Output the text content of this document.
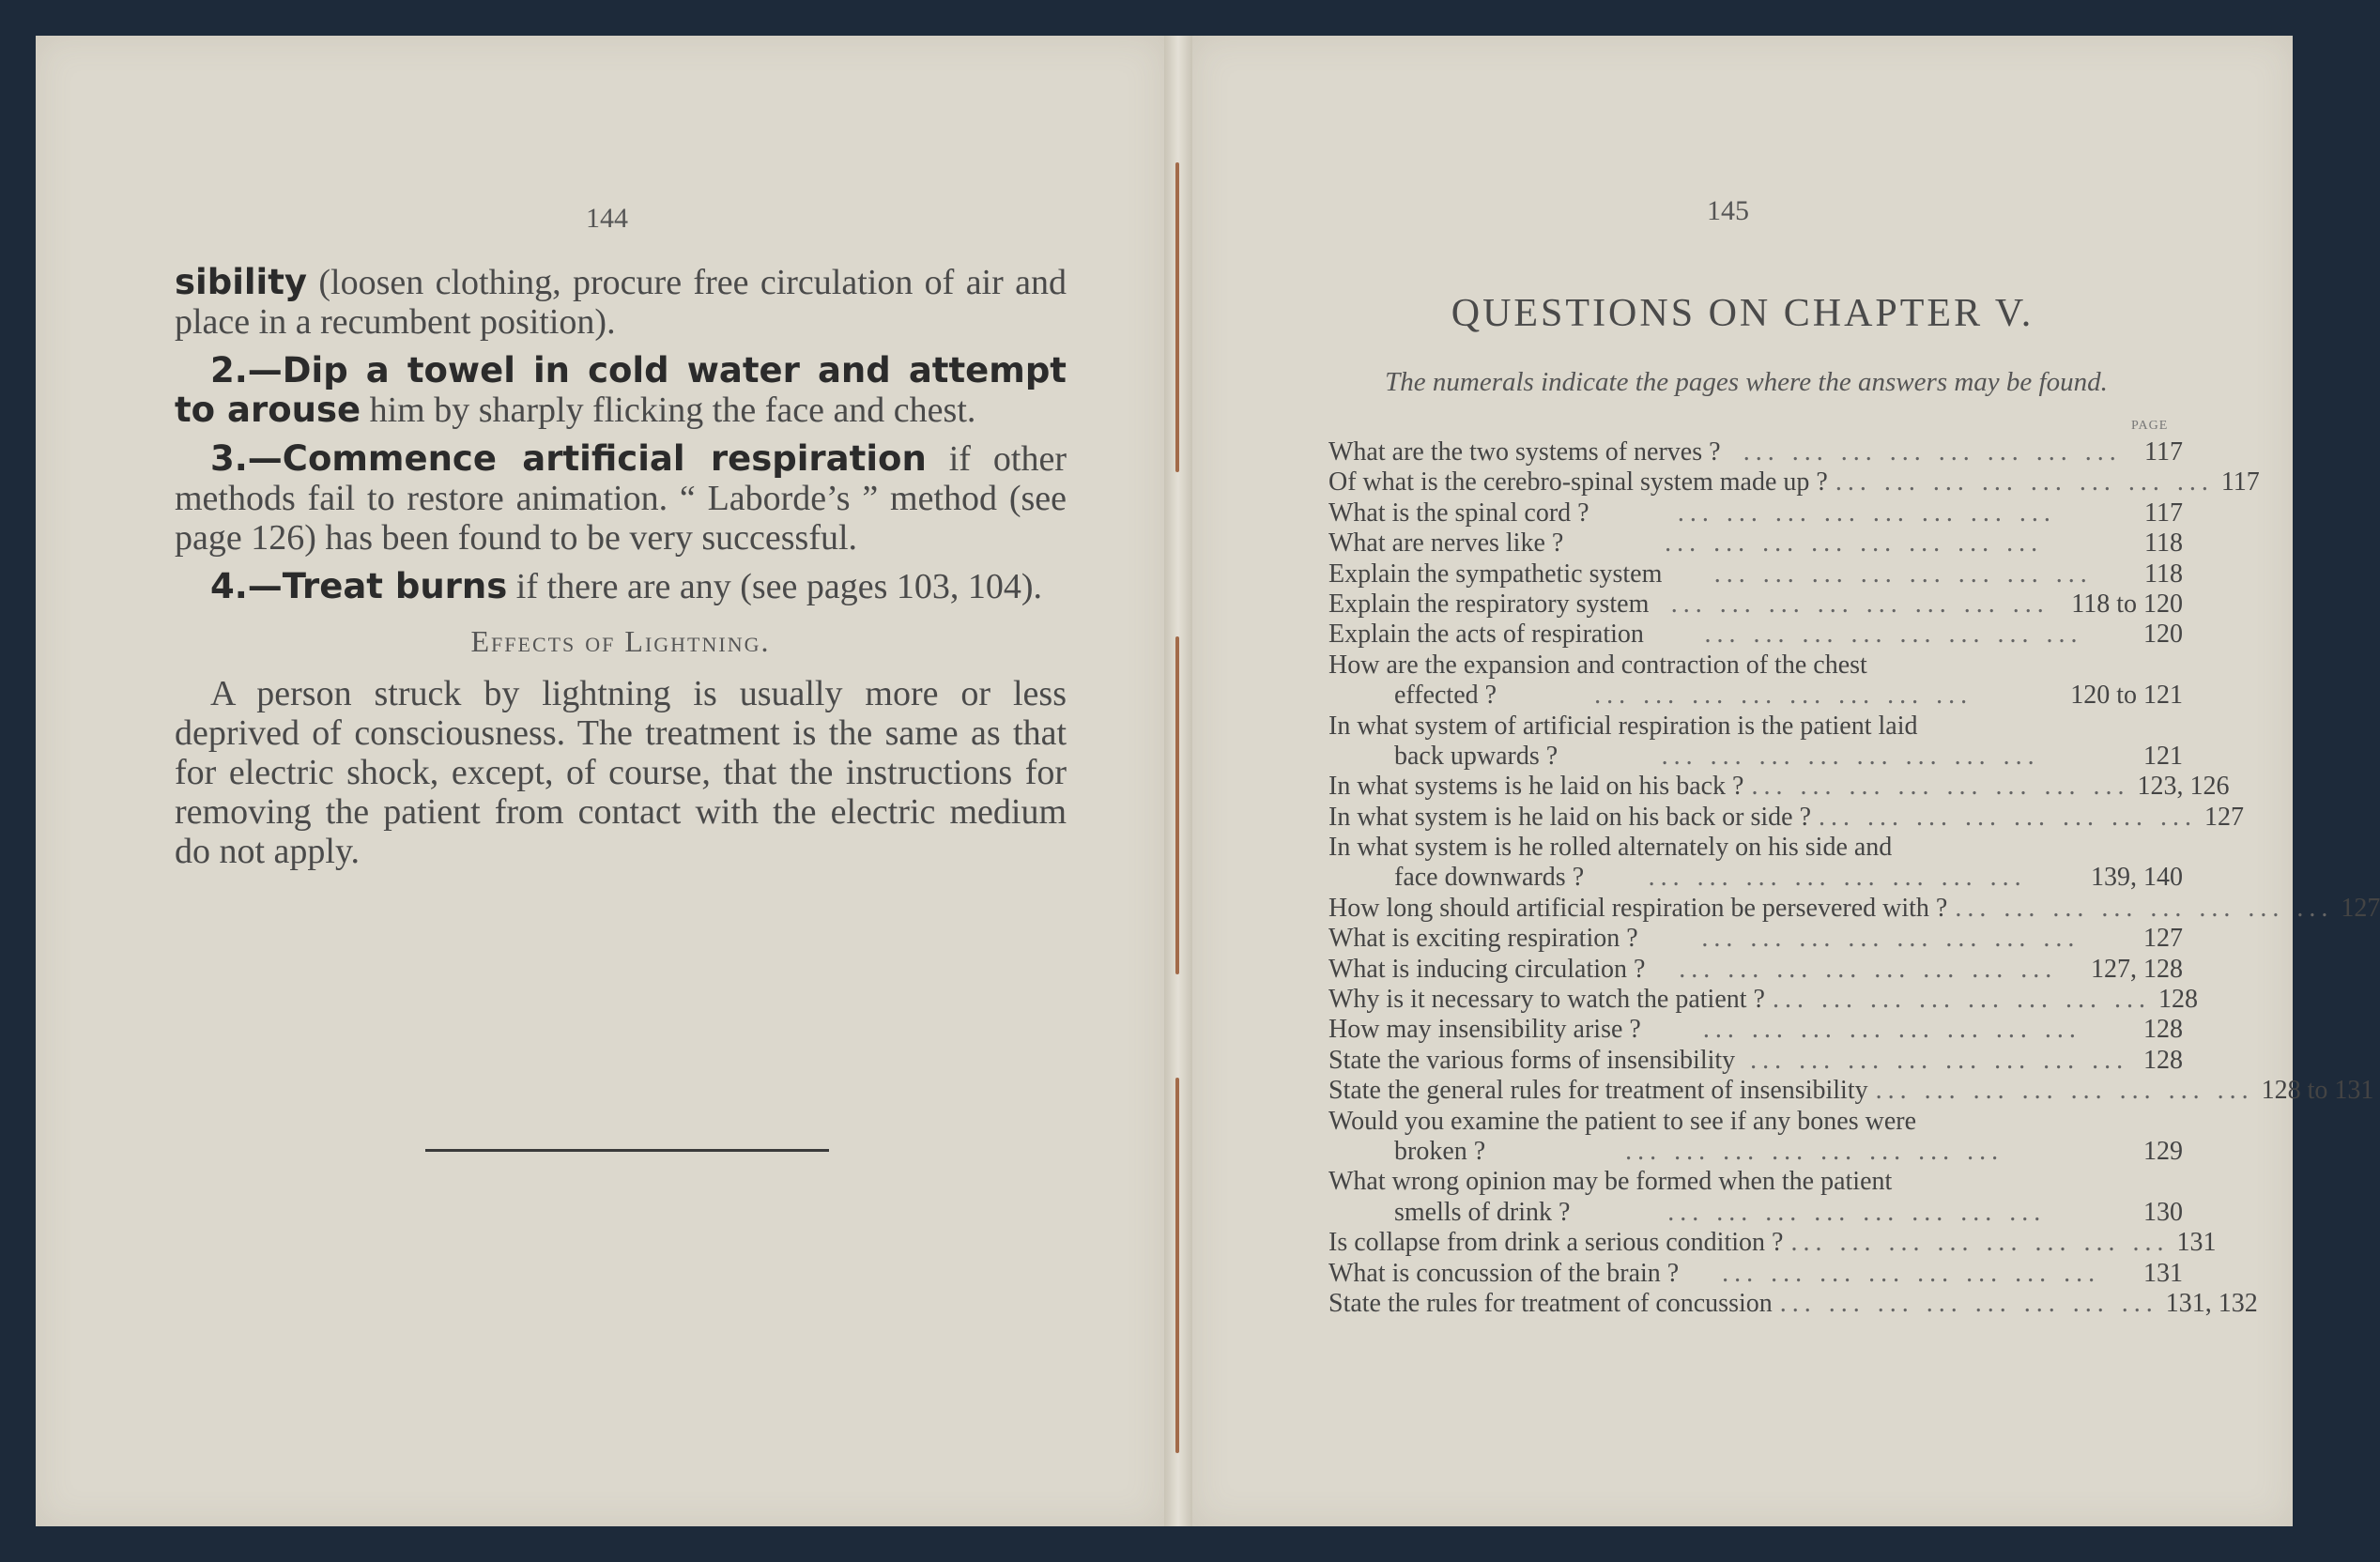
144

sibility (loosen clothing, procure free circulation of air and place in a recumbent position).

2.—Dip a towel in cold water and attempt to arouse him by sharply flicking the face and chest.

3.—Commence artificial respiration if other methods fail to restore animation. “ Laborde’s ” method (see page 126) has been found to be very successful.

4.—Treat burns if there are any (see pages 103, 104).

Effects of Lightning.

A person struck by lightning is usually more or less deprived of consciousness. The treatment is the same as that for electric shock, except, of course, that the instructions for removing the patient from contact with the electric medium do not apply.

145
QUESTIONS ON CHAPTER V.
The numerals indicate the pages where the answers may be found.
PAGE
What are the two systems of nerves ? ... ... ... ... ... ... ... ... 117
Of what is the cerebro-spinal system made up ? ... ... ... ... ... ... ... ... 117
What is the spinal cord ?	... ... ... ... ... ... ... ...	117
What are nerves like ?	... ... ... ... ... ... ... ...	118
Explain the sympathetic system	... ... ... ... ... ... ... ...	118
Explain the respiratory system ... ... ... ... ... ... ... ... 118 to 120
Explain the acts of respiration	... ... ... ... ... ... ... ...	120
How are the expansion and contraction of the chest
effected ?	... ... ... ... ... ... ... ...	120 to 121
In what system of artificial respiration is the patient laid
back upwards ?	... ... ... ... ... ... ... ...	121
In what systems is he laid on his back ? ... ... ... ... ... ... ... ... 123, 126
In what system is he laid on his back or side ? ... ... ... ... ... ... ... ... 127
In what system is he rolled alternately on his side and
face downwards ?	... ... ... ... ... ... ... ...	139, 140
How long should artificial respiration be persevered with ? ... ... ... ... ... ... ... ... 127
What is exciting respiration ?	... ... ... ... ... ... ... ...	127
What is inducing circulation ?	... ... ... ... ... ... ... ...	127, 128
Why is it necessary to watch the patient ? ... ... ... ... ... ... ... ... 128
How may insensibility arise ?	... ... ... ... ... ... ... ...	128
State the various forms of insensibility ... ... ... ... ... ... ... ... 128
State the general rules for treatment of insensibility ... ... ... ... ... ... ... ... 128 to 131
Would you examine the patient to see if any bones were
broken ?	... ... ... ... ... ... ... ...	129
What wrong opinion may be formed when the patient
smells of drink ?	... ... ... ... ... ... ... ...	130
Is collapse from drink a serious condition ? ... ... ... ... ... ... ... ... 131
What is concussion of the brain ?	... ... ... ... ... ... ... ...	131
State the rules for treatment of concussion ... ... ... ... ... ... ... ... 131, 132
